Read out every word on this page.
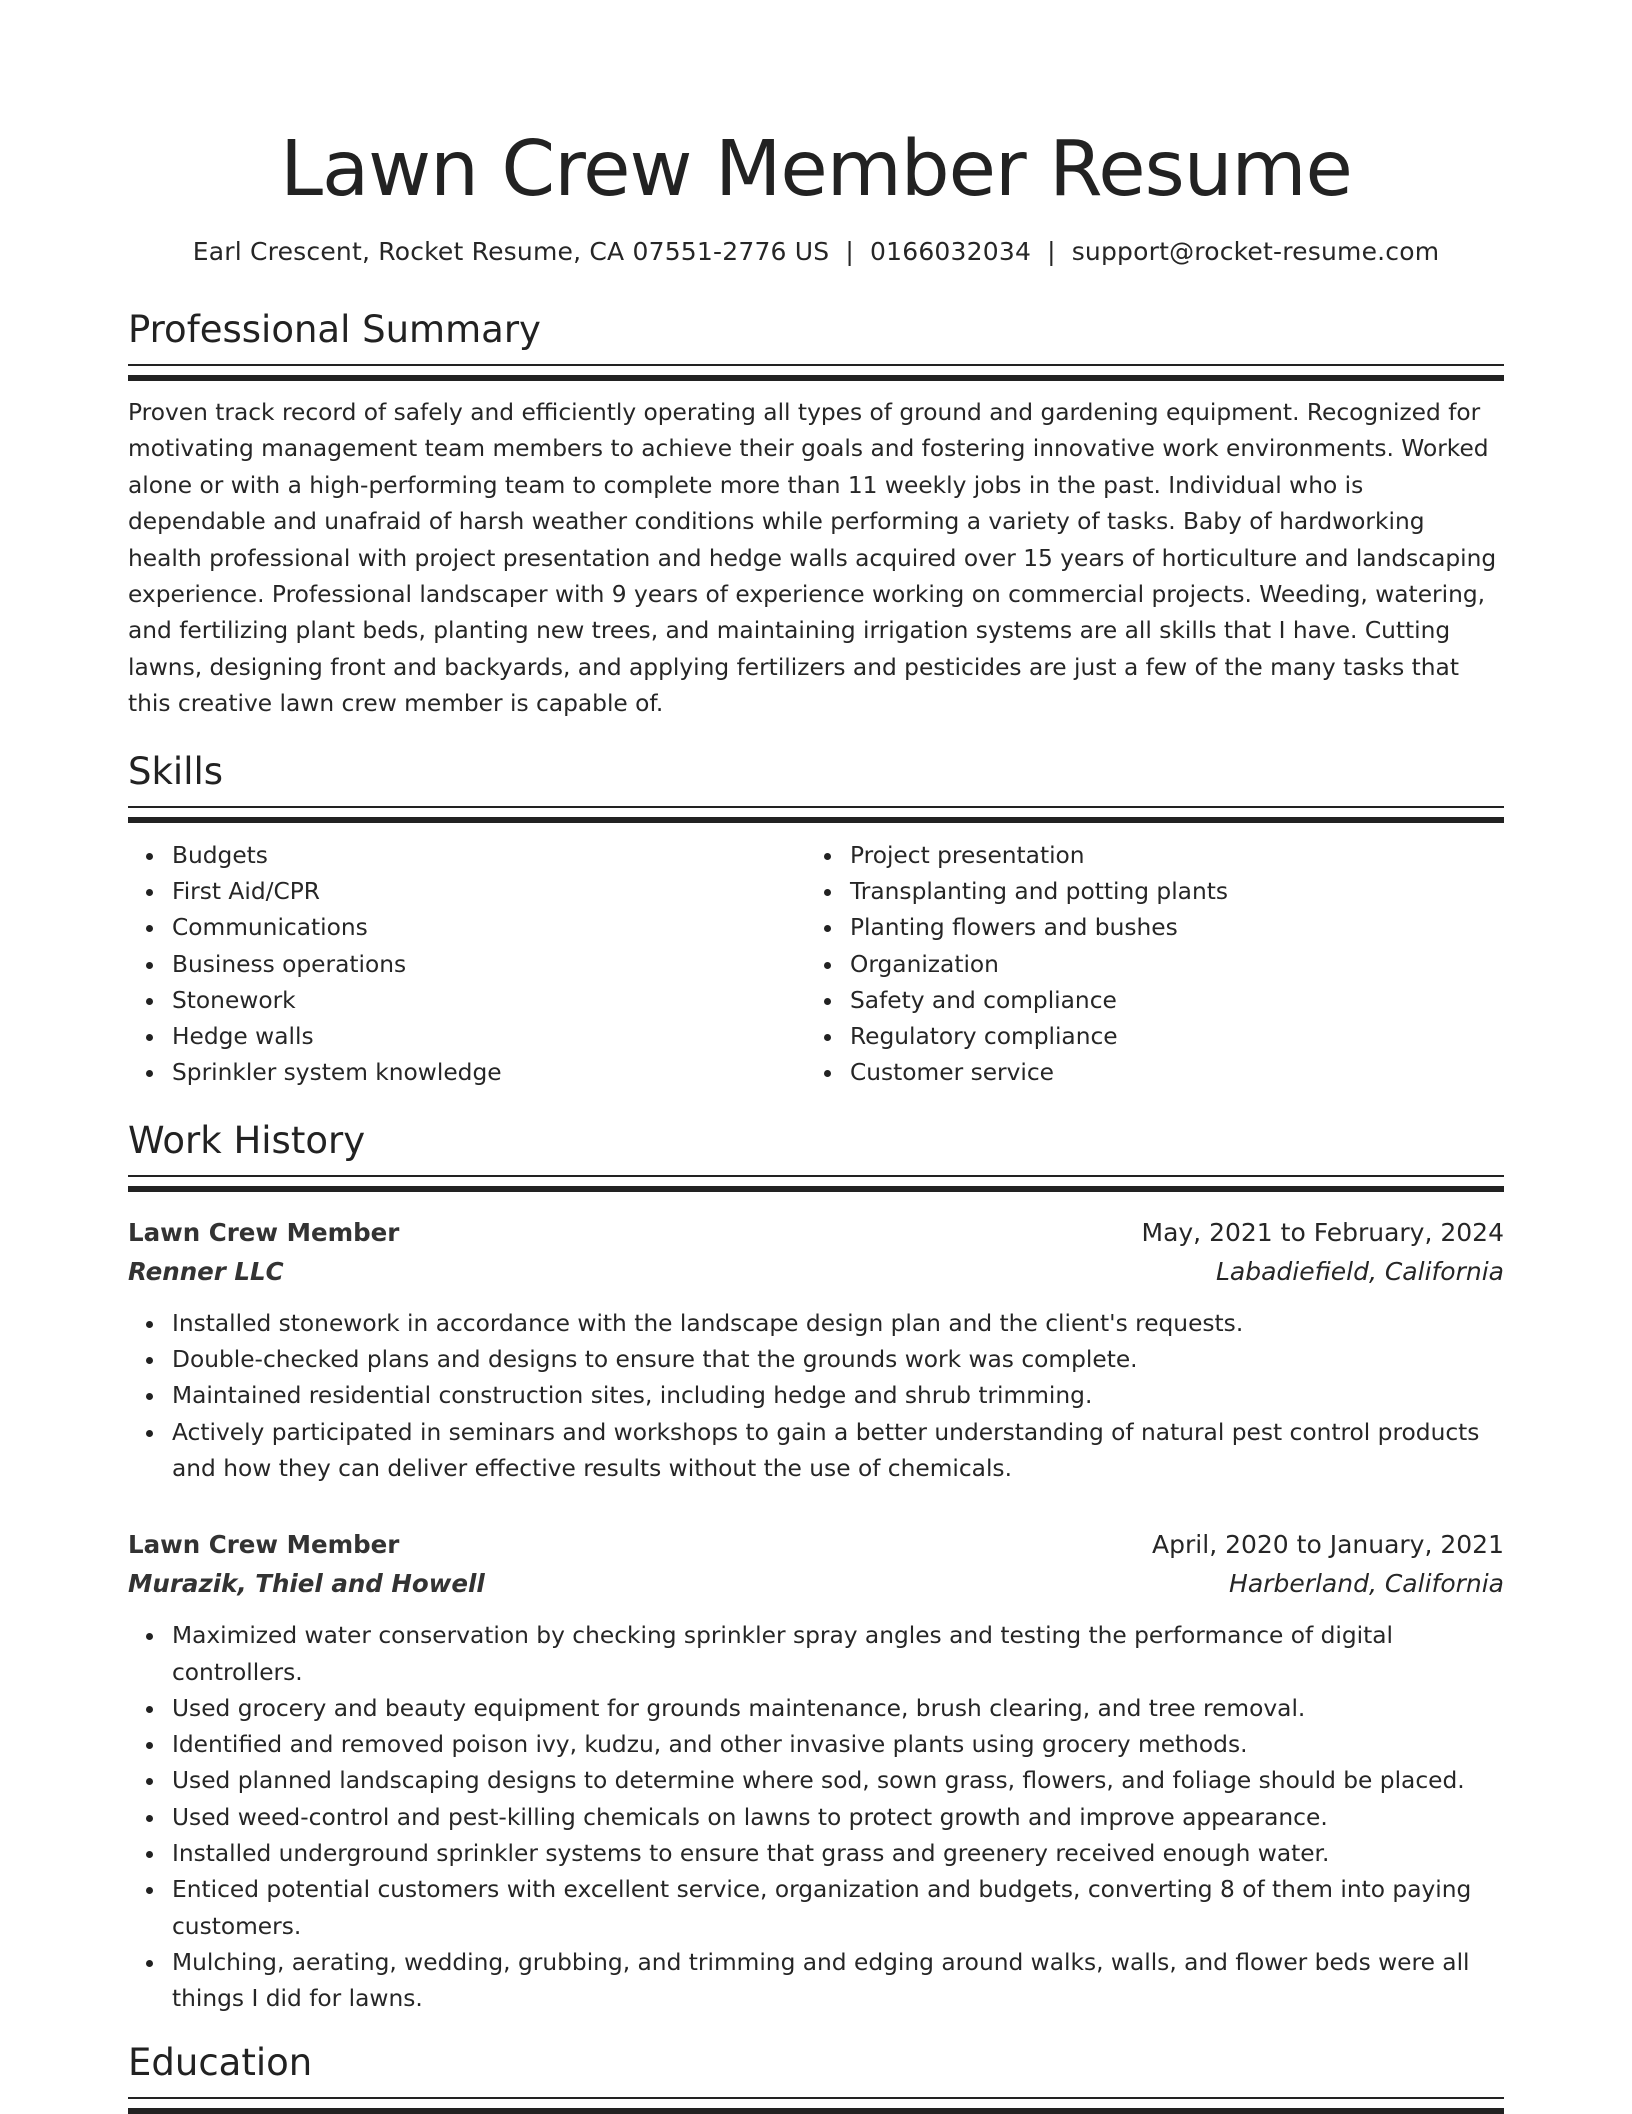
Lawn Crew Member Resume
Earl Crescent, Rocket Resume, CA 07551-2776 US | 0166032034 | support@rocket-resume.com
Professional Summary

Proven track record of safely and efficiently operating all types of ground and gardening equipment. Recognized for motivating management team members to achieve their goals and fostering innovative work environments. Worked alone or with a high-performing team to complete more than 11 weekly jobs in the past. Individual who is dependable and unafraid of harsh weather conditions while performing a variety of tasks. Baby of hardworking health professional with project presentation and hedge walls acquired over 15 years of horticulture and landscaping experience. Professional landscaper with 9 years of experience working on commercial projects. Weeding, watering, and fertilizing plant beds, planting new trees, and maintaining irrigation systems are all skills that I have. Cutting lawns, designing front and backyards, and applying fertilizers and pesticides are just a few of the many tasks that this creative lawn crew member is capable of.

Skills
Budgets
First Aid/CPR
Communications
Business operations
Stonework
Hedge walls
Sprinkler system knowledge
Project presentation
Transplanting and potting plants
Planting flowers and bushes
Organization
Safety and compliance
Regulatory compliance
Customer service
Work History
Lawn Crew Member	May, 2021 to February, 2024
Renner LLC	Labadiefield, California
Installed stonework in accordance with the landscape design plan and the client's requests.
Double-checked plans and designs to ensure that the grounds work was complete.
Maintained residential construction sites, including hedge and shrub trimming.
Actively participated in seminars and workshops to gain a better understanding of natural pest control products and how they can deliver effective results without the use of chemicals.
Lawn Crew Member	April, 2020 to January, 2021
Murazik, Thiel and Howell	Harberland, California
Maximized water conservation by checking sprinkler spray angles and testing the performance of digital controllers.
Used grocery and beauty equipment for grounds maintenance, brush clearing, and tree removal.
Identified and removed poison ivy, kudzu, and other invasive plants using grocery methods.
Used planned landscaping designs to determine where sod, sown grass, flowers, and foliage should be placed.
Used weed-control and pest-killing chemicals on lawns to protect growth and improve appearance.
Installed underground sprinkler systems to ensure that grass and greenery received enough water.
Enticed potential customers with excellent service, organization and budgets, converting 8 of them into paying customers.
Mulching, aerating, wedding, grubbing, and trimming and edging around walks, walls, and flower beds were all things I did for lawns.
Education
